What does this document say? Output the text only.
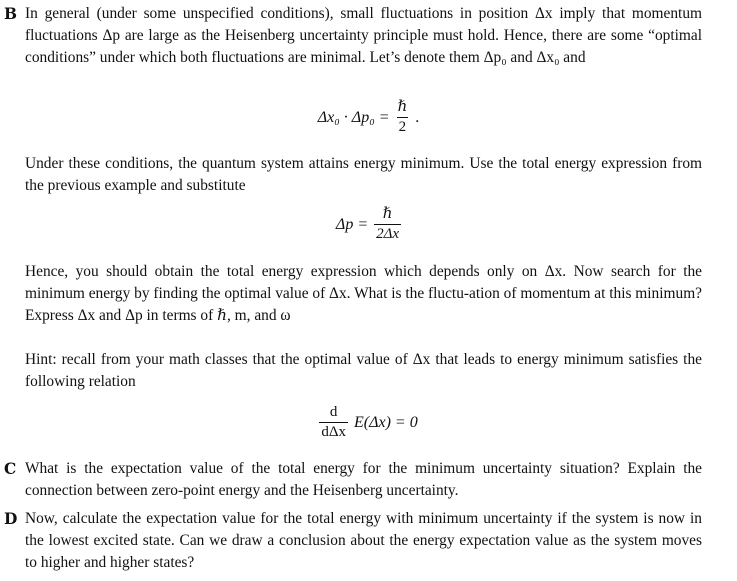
B In general (under some unspecified conditions), small fluctuations in position Δx imply that momentum fluctuations Δp are large as the Heisenberg uncertainty principle must hold. Hence, there are some “optimal conditions” under which both fluctuations are minimal. Let’s denote them Δp₀ and Δx₀ and
$\Delta x_0 \cdot \Delta p_0 = \frac{\text{ℏ}}{2}$ .
Under these conditions, the quantum system attains energy minimum. Use the total energy expression from the previous example and substitute
$\Delta p = \frac{\text{ℏ}}{2\Delta x}$
Hence, you should obtain the total energy expression which depends only on Δx. Now search for the minimum energy by finding the optimal value of Δx. What is the fluctu-ation of momentum at this minimum? Express Δx and Δp in terms of ℏ, m, and ω
Hint: recall from your math classes that the optimal value of Δx that leads to energy minimum satisfies the following relation
$\frac{d}{\text{dΔx}} E(\Delta x) = 0$
C What is the expectation value of the total energy for the minimum uncertainty situation? Explain the connection between zero-point energy and the Heisenberg uncertainty.
D Now, calculate the expectation value for the total energy with minimum uncertainty if the system is now in the lowest excited state. Can we draw a conclusion about the energy expectation value as the system moves to higher and higher states?
